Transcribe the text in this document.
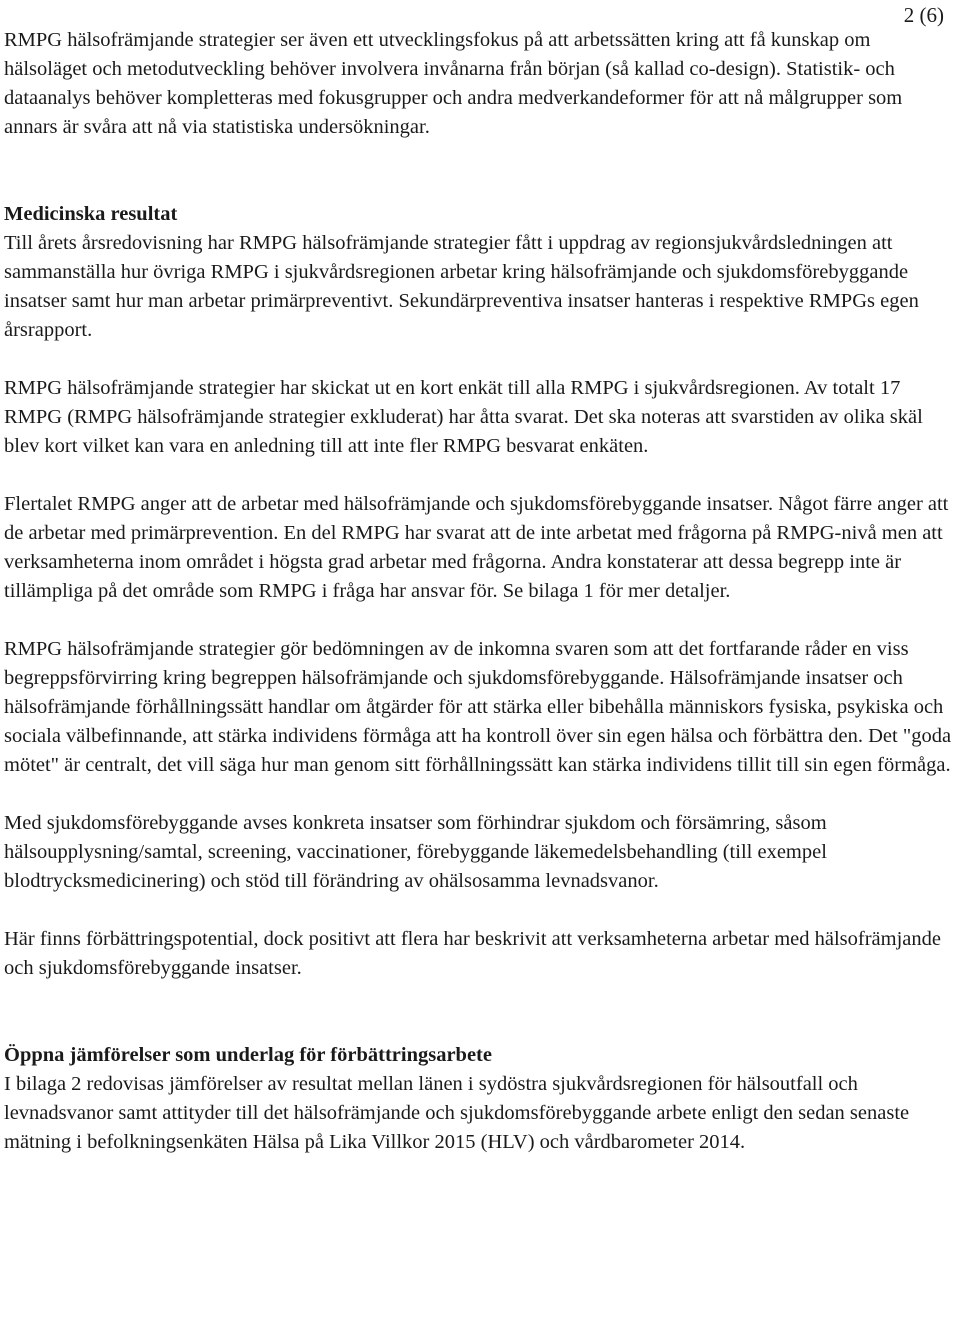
2 (6)

RMPG hälsofrämjande strategier ser även ett utvecklingsfokus på att arbetssätten kring att få kunskap om hälsoläget och metodutveckling behöver involvera invånarna från början (så kallad co-design). Statistik- och dataanalys behöver kompletteras med fokusgrupper och andra medverkandeformer för att nå målgrupper som annars är svåra att nå via statistiska undersökningar.

Medicinska resultat

Till årets årsredovisning har RMPG hälsofrämjande strategier fått i uppdrag av regionsjukvårdsledningen att sammanställa hur övriga RMPG i sjukvårdsregionen arbetar kring hälsofrämjande och sjukdomsförebyggande insatser samt hur man arbetar primärpreventivt. Sekundärpreventiva insatser hanteras i respektive RMPGs egen årsrapport.

RMPG hälsofrämjande strategier har skickat ut en kort enkät till alla RMPG i sjukvårdsregionen. Av totalt 17 RMPG (RMPG hälsofrämjande strategier exkluderat) har åtta svarat. Det ska noteras att svarstiden av olika skäl blev kort vilket kan vara en anledning till att inte fler RMPG besvarat enkäten.

Flertalet RMPG anger att de arbetar med hälsofrämjande och sjukdomsförebyggande insatser. Något färre anger att de arbetar med primärprevention. En del RMPG har svarat att de inte arbetat med frågorna på RMPG-nivå men att verksamheterna inom området i högsta grad arbetar med frågorna. Andra konstaterar att dessa begrepp inte är tillämpliga på det område som RMPG i fråga har ansvar för. Se bilaga 1 för mer detaljer.

RMPG hälsofrämjande strategier gör bedömningen av de inkomna svaren som att det fortfarande råder en viss begreppsförvirring kring begreppen hälsofrämjande och sjukdomsförebyggande. Hälsofrämjande insatser och hälsofrämjande förhållningssätt handlar om åtgärder för att stärka eller bibehålla människors fysiska, psykiska och sociala välbefinnande, att stärka individens förmåga att ha kontroll över sin egen hälsa och förbättra den. Det "goda mötet" är centralt, det vill säga hur man genom sitt förhållningssätt kan stärka individens tillit till sin egen förmåga.

Med sjukdomsförebyggande avses konkreta insatser som förhindrar sjukdom och försämring, såsom hälsoupplysning/samtal, screening, vaccinationer, förebyggande läkemedelsbehandling (till exempel blodtrycksmedicinering) och stöd till förändring av ohälsosamma levnadsvanor.

Här finns förbättringspotential, dock positivt att flera har beskrivit att verksamheterna arbetar med hälsofrämjande och sjukdomsförebyggande insatser.

Öppna jämförelser som underlag för förbättringsarbete

I bilaga 2 redovisas jämförelser av resultat mellan länen i sydöstra sjukvårdsregionen för hälsoutfall och levnadsvanor samt attityder till det hälsofrämjande och sjukdomsförebyggande arbete enligt den sedan senaste mätning i befolkningsenkäten Hälsa på Lika Villkor 2015 (HLV) och vårdbarometer 2014.
